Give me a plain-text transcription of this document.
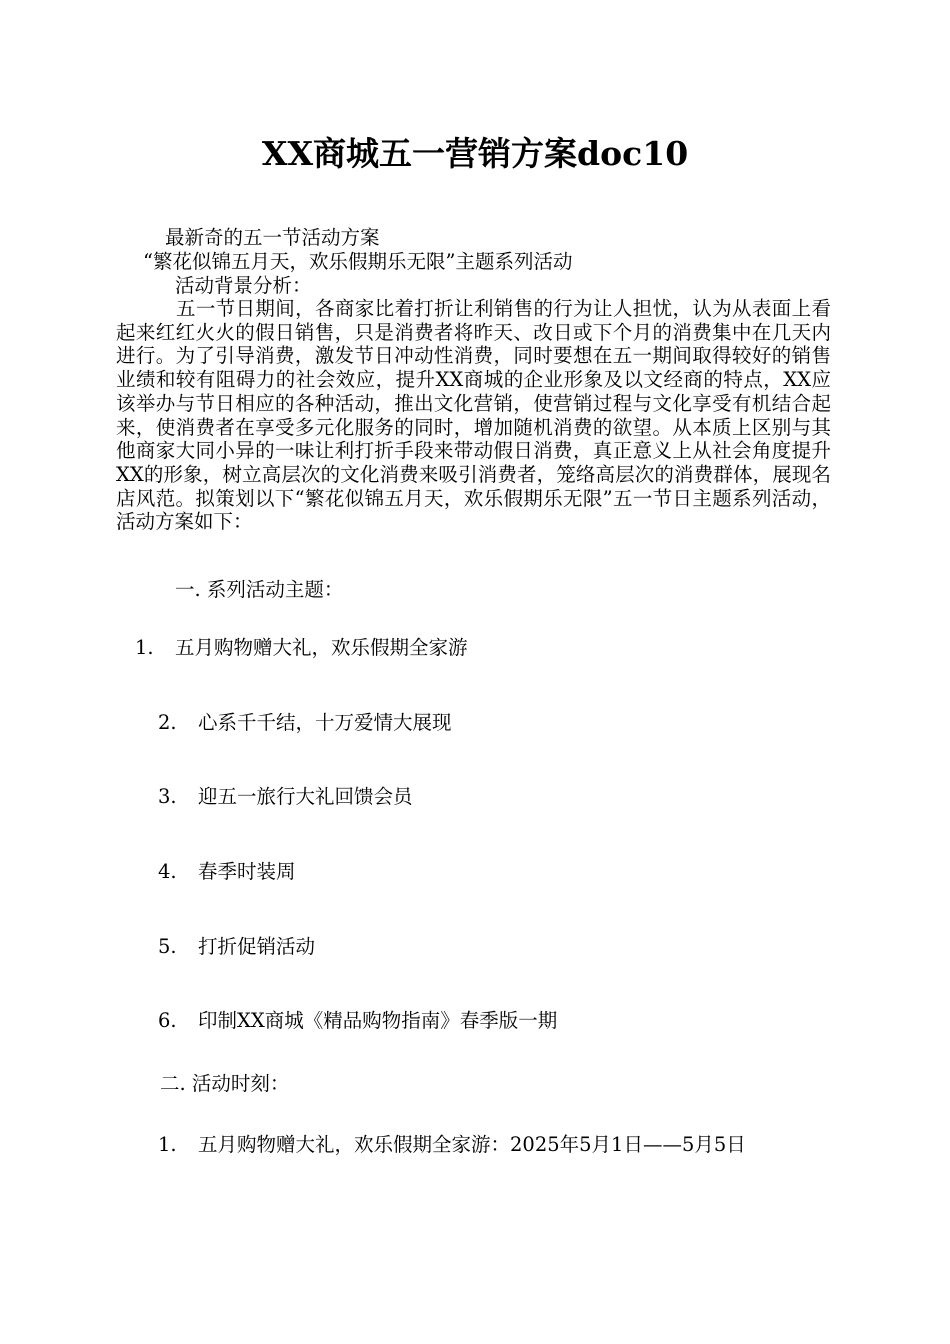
XX商城五一营销方案doc10
最新奇的五一节活动方案
“繁花似锦五月天，欢乐假期乐无限”主题系列活动
活动背景分析：
五一节日期间，各商家比着打折让利销售的行为让人担忧，认为从表面上看起来红红火火的假日销售，只是消费者将昨天、改日或下个月的消费集中在几天内进行。为了引导消费，激发节日冲动性消费，同时要想在五一期间取得较好的销售业绩和较有阻碍力的社会效应，提升XX商城的企业形象及以文经商的特点，XX应该举办与节日相应的各种活动，推出文化营销，使营销过程与文化享受有机结合起来，使消费者在享受多元化服务的同时，增加随机消费的欲望。从本质上区别与其他商家大同小异的一味让利打折手段来带动假日消费，真正意义上从社会角度提升XX的形象，树立高层次的文化消费来吸引消费者，笼络高层次的消费群体，展现名店风范。拟策划以下“繁花似锦五月天，欢乐假期乐无限”五一节日主题系列活动，活动方案如下：
一. 系列活动主题：
1. 五月购物赠大礼，欢乐假期全家游
2. 心系千千结，十万爱情大展现
3. 迎五一旅行大礼回馈会员
4. 春季时装周
5. 打折促销活动
6. 印制XX商城《精品购物指南》春季版一期
二. 活动时刻：
1. 五月购物赠大礼，欢乐假期全家游：2025年5月1日——5月5日
